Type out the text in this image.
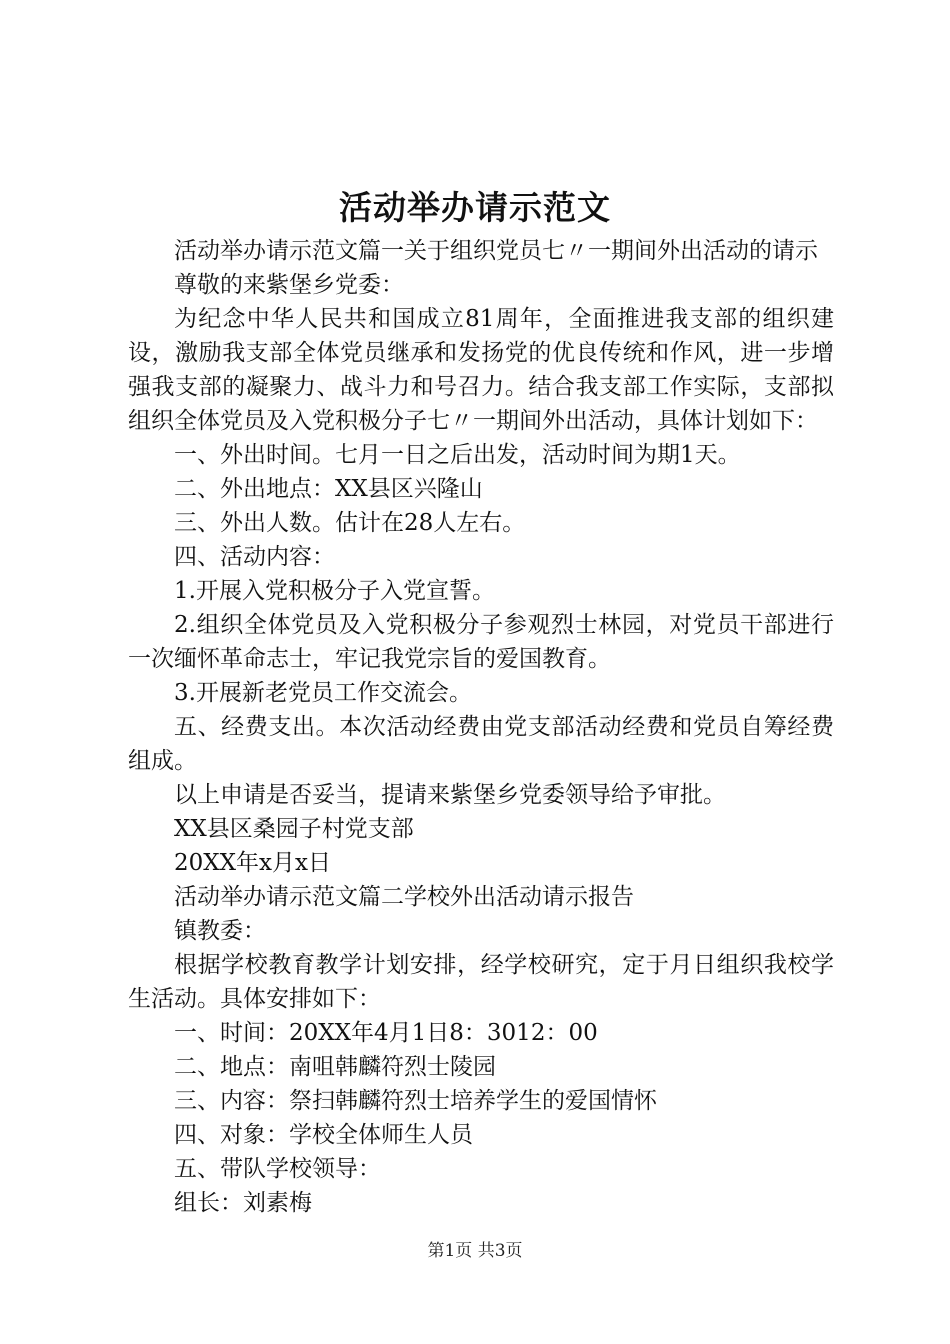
活动举办请示范文

活动举办请示范文篇一关于组织党员七〃一期间外出活动的请示

尊敬的来紫堡乡党委：

为纪念中华人民共和国成立81周年，全面推进我支部的组织建设，激励我支部全体党员继承和发扬党的优良传统和作风，进一步增强我支部的凝聚力、战斗力和号召力。结合我支部工作实际，支部拟组织全体党员及入党积极分子七〃一期间外出活动，具体计划如下：

一、外出时间。七月一日之后出发，活动时间为期1天。

二、外出地点：XX县区兴隆山

三、外出人数。估计在28人左右。

四、活动内容：

1.开展入党积极分子入党宣誓。

2.组织全体党员及入党积极分子参观烈士林园，对党员干部进行一次缅怀革命志士，牢记我党宗旨的爱国教育。

3.开展新老党员工作交流会。

五、经费支出。本次活动经费由党支部活动经费和党员自筹经费组成。

以上申请是否妥当，提请来紫堡乡党委领导给予审批。

XX县区桑园子村党支部

20XX年x月x日

活动举办请示范文篇二学校外出活动请示报告

镇教委：

根据学校教育教学计划安排，经学校研究，定于月日组织我校学生活动。具体安排如下：

一、时间：20XX年4月1日8：3012：00

二、地点：南咀韩麟符烈士陵园

三、内容：祭扫韩麟符烈士培养学生的爱国情怀

四、对象：学校全体师生人员

五、带队学校领导：

组长：刘素梅

第1页 共3页
